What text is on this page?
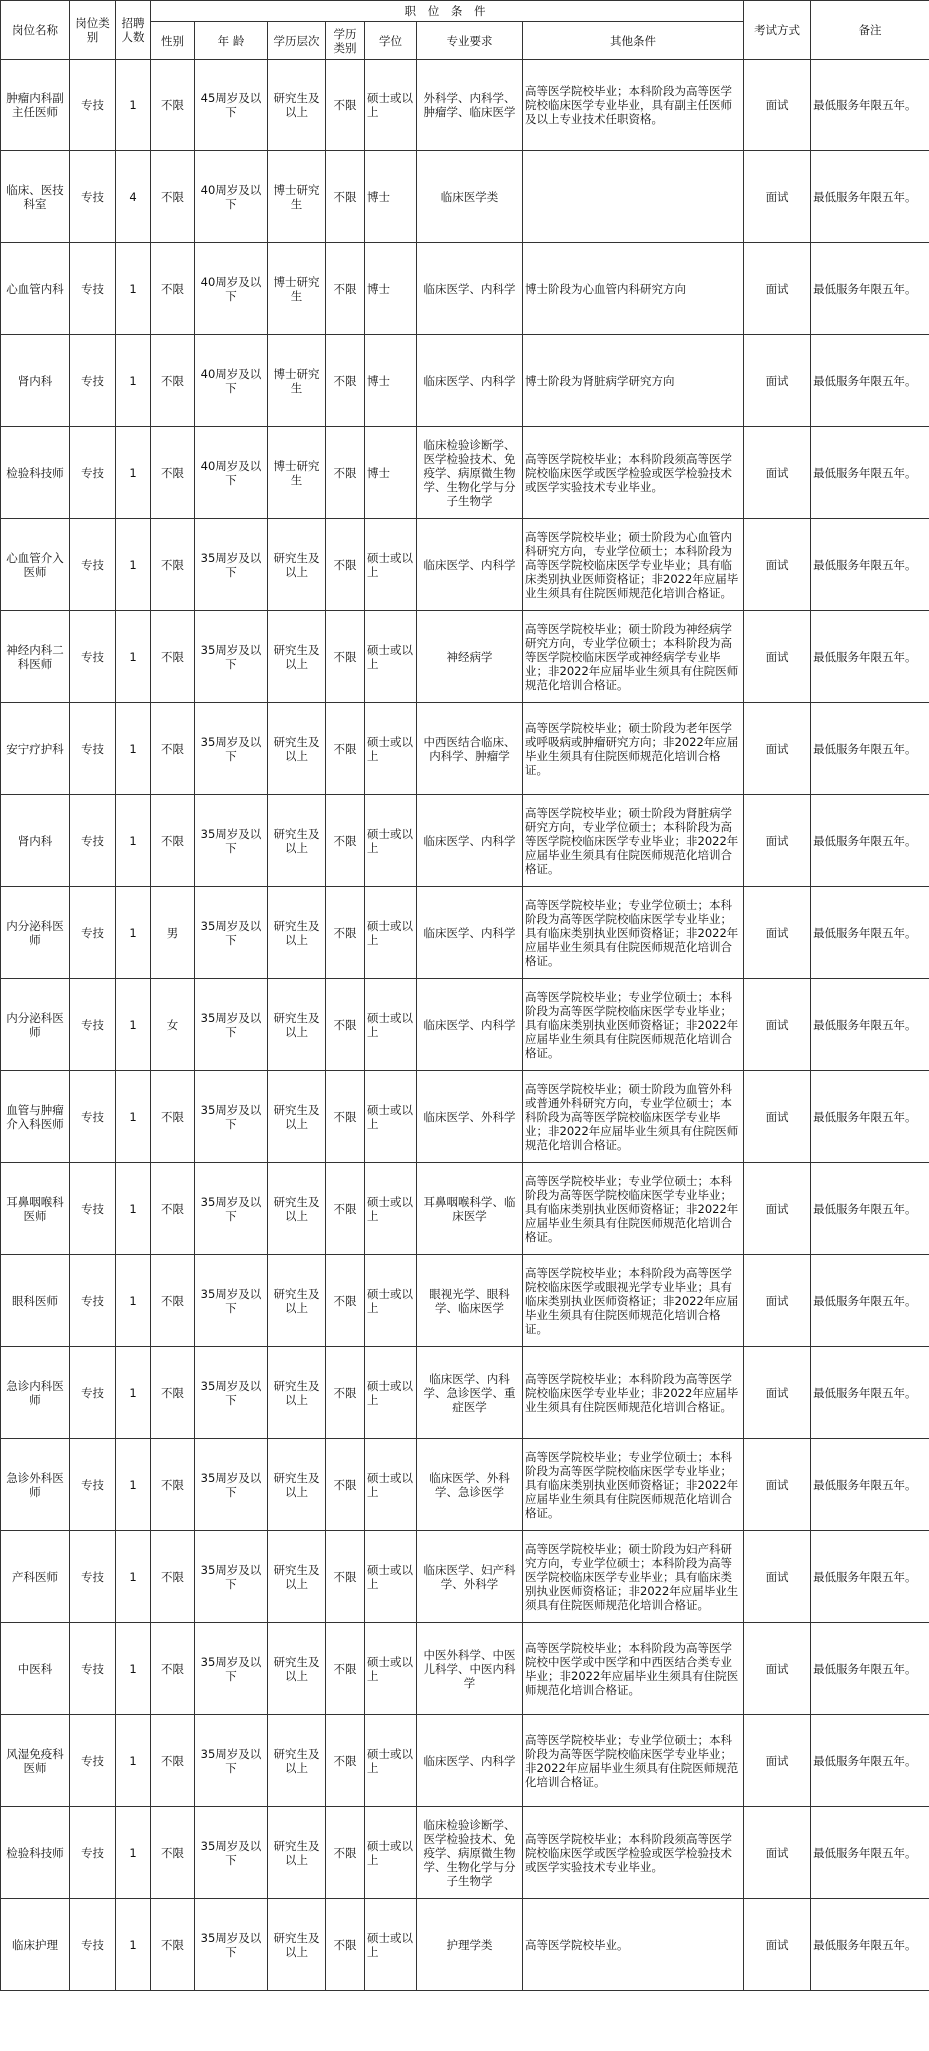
岗位名称	岗位类别	招聘人数	职 位 条 件							考试方式	备注
			性别	年 龄	学历层次	学历类别	学位	专业要求	其他条件		
肿瘤内科副主任医师	专技	1	不限	45周岁及以下	研究生及以上	不限	硕士或以上	外科学、内科学、肿瘤学、临床医学	高等医学院校毕业；本科阶段为高等医学院校临床医学专业毕业，具有副主任医师及以上专业技术任职资格。	面试	最低服务年限五年。
临床、医技科室	专技	4	不限	40周岁及以下	博士研究生	不限	博士	临床医学类		面试	最低服务年限五年。
心血管内科	专技	1	不限	40周岁及以下	博士研究生	不限	博士	临床医学、内科学	博士阶段为心血管内科研究方向	面试	最低服务年限五年。
肾内科	专技	1	不限	40周岁及以下	博士研究生	不限	博士	临床医学、内科学	博士阶段为肾脏病学研究方向	面试	最低服务年限五年。
检验科技师	专技	1	不限	40周岁及以下	博士研究生	不限	博士	临床检验诊断学、医学检验技术、免疫学、病原微生物学、生物化学与分子生物学	高等医学院校毕业；本科阶段须高等医学院校临床医学或医学检验或医学检验技术或医学实验技术专业毕业。	面试	最低服务年限五年。
心血管介入医师	专技	1	不限	35周岁及以下	研究生及以上	不限	硕士或以上	临床医学、内科学	高等医学院校毕业；硕士阶段为心血管内科研究方向，专业学位硕士；本科阶段为高等医学院校临床医学专业毕业；具有临床类别执业医师资格证；非2022年应届毕业生须具有住院医师规范化培训合格证。	面试	最低服务年限五年。
神经内科二科医师	专技	1	不限	35周岁及以下	研究生及以上	不限	硕士或以上	神经病学	高等医学院校毕业；硕士阶段为神经病学研究方向，专业学位硕士；本科阶段为高等医学院校临床医学或神经病学专业毕业；非2022年应届毕业生须具有住院医师规范化培训合格证。	面试	最低服务年限五年。
安宁疗护科	专技	1	不限	35周岁及以下	研究生及以上	不限	硕士或以上	中西医结合临床、内科学、肿瘤学	高等医学院校毕业；硕士阶段为老年医学或呼吸病或肿瘤研究方向；非2022年应届毕业生须具有住院医师规范化培训合格证。	面试	最低服务年限五年。
肾内科	专技	1	不限	35周岁及以下	研究生及以上	不限	硕士或以上	临床医学、内科学	高等医学院校毕业；硕士阶段为肾脏病学研究方向，专业学位硕士；本科阶段为高等医学院校临床医学专业毕业；非2022年应届毕业生须具有住院医师规范化培训合格证。	面试	最低服务年限五年。
内分泌科医师	专技	1	男	35周岁及以下	研究生及以上	不限	硕士或以上	临床医学、内科学	高等医学院校毕业；专业学位硕士；本科阶段为高等医学院校临床医学专业毕业；具有临床类别执业医师资格证；非2022年应届毕业生须具有住院医师规范化培训合格证。	面试	最低服务年限五年。
内分泌科医师	专技	1	女	35周岁及以下	研究生及以上	不限	硕士或以上	临床医学、内科学	高等医学院校毕业；专业学位硕士；本科阶段为高等医学院校临床医学专业毕业；具有临床类别执业医师资格证；非2022年应届毕业生须具有住院医师规范化培训合格证。	面试	最低服务年限五年。
血管与肿瘤介入科医师	专技	1	不限	35周岁及以下	研究生及以上	不限	硕士或以上	临床医学、外科学	高等医学院校毕业；硕士阶段为血管外科或普通外科研究方向，专业学位硕士；本科阶段为高等医学院校临床医学专业毕业；非2022年应届毕业生须具有住院医师规范化培训合格证。	面试	最低服务年限五年。
耳鼻咽喉科医师	专技	1	不限	35周岁及以下	研究生及以上	不限	硕士或以上	耳鼻咽喉科学、临床医学	高等医学院校毕业；专业学位硕士；本科阶段为高等医学院校临床医学专业毕业；具有临床类别执业医师资格证；非2022年应届毕业生须具有住院医师规范化培训合格证。	面试	最低服务年限五年。
眼科医师	专技	1	不限	35周岁及以下	研究生及以上	不限	硕士或以上	眼视光学、眼科学、临床医学	高等医学院校毕业；本科阶段为高等医学院校临床医学或眼视光学专业毕业；具有临床类别执业医师资格证；非2022年应届毕业生须具有住院医师规范化培训合格证。	面试	最低服务年限五年。
急诊内科医师	专技	1	不限	35周岁及以下	研究生及以上	不限	硕士或以上	临床医学、内科学、急诊医学、重症医学	高等医学院校毕业；本科阶段为高等医学院校临床医学专业毕业；非2022年应届毕业生须具有住院医师规范化培训合格证。	面试	最低服务年限五年。
急诊外科医师	专技	1	不限	35周岁及以下	研究生及以上	不限	硕士或以上	临床医学、外科学、急诊医学	高等医学院校毕业；专业学位硕士；本科阶段为高等医学院校临床医学专业毕业；具有临床类别执业医师资格证；非2022年应届毕业生须具有住院医师规范化培训合格证。	面试	最低服务年限五年。
产科医师	专技	1	不限	35周岁及以下	研究生及以上	不限	硕士或以上	临床医学、妇产科学、外科学	高等医学院校毕业；硕士阶段为妇产科研究方向，专业学位硕士；本科阶段为高等医学院校临床医学专业毕业；具有临床类别执业医师资格证；非2022年应届毕业生须具有住院医师规范化培训合格证。	面试	最低服务年限五年。
中医科	专技	1	不限	35周岁及以下	研究生及以上	不限	硕士或以上	中医外科学、中医儿科学、中医内科学	高等医学院校毕业；本科阶段为高等医学院校中医学或中医学和中西医结合类专业毕业；非2022年应届毕业生须具有住院医师规范化培训合格证。	面试	最低服务年限五年。
风湿免疫科医师	专技	1	不限	35周岁及以下	研究生及以上	不限	硕士或以上	临床医学、内科学	高等医学院校毕业；专业学位硕士；本科阶段为高等医学院校临床医学专业毕业；非2022年应届毕业生须具有住院医师规范化培训合格证。	面试	最低服务年限五年。
检验科技师	专技	1	不限	35周岁及以下	研究生及以上	不限	硕士或以上	临床检验诊断学、医学检验技术、免疫学、病原微生物学、生物化学与分子生物学	高等医学院校毕业；本科阶段须高等医学院校临床医学或医学检验或医学检验技术或医学实验技术专业毕业。	面试	最低服务年限五年。
临床护理	专技	1	不限	35周岁及以下	研究生及以上	不限	硕士或以上	护理学类	高等医学院校毕业。	面试	最低服务年限五年。
